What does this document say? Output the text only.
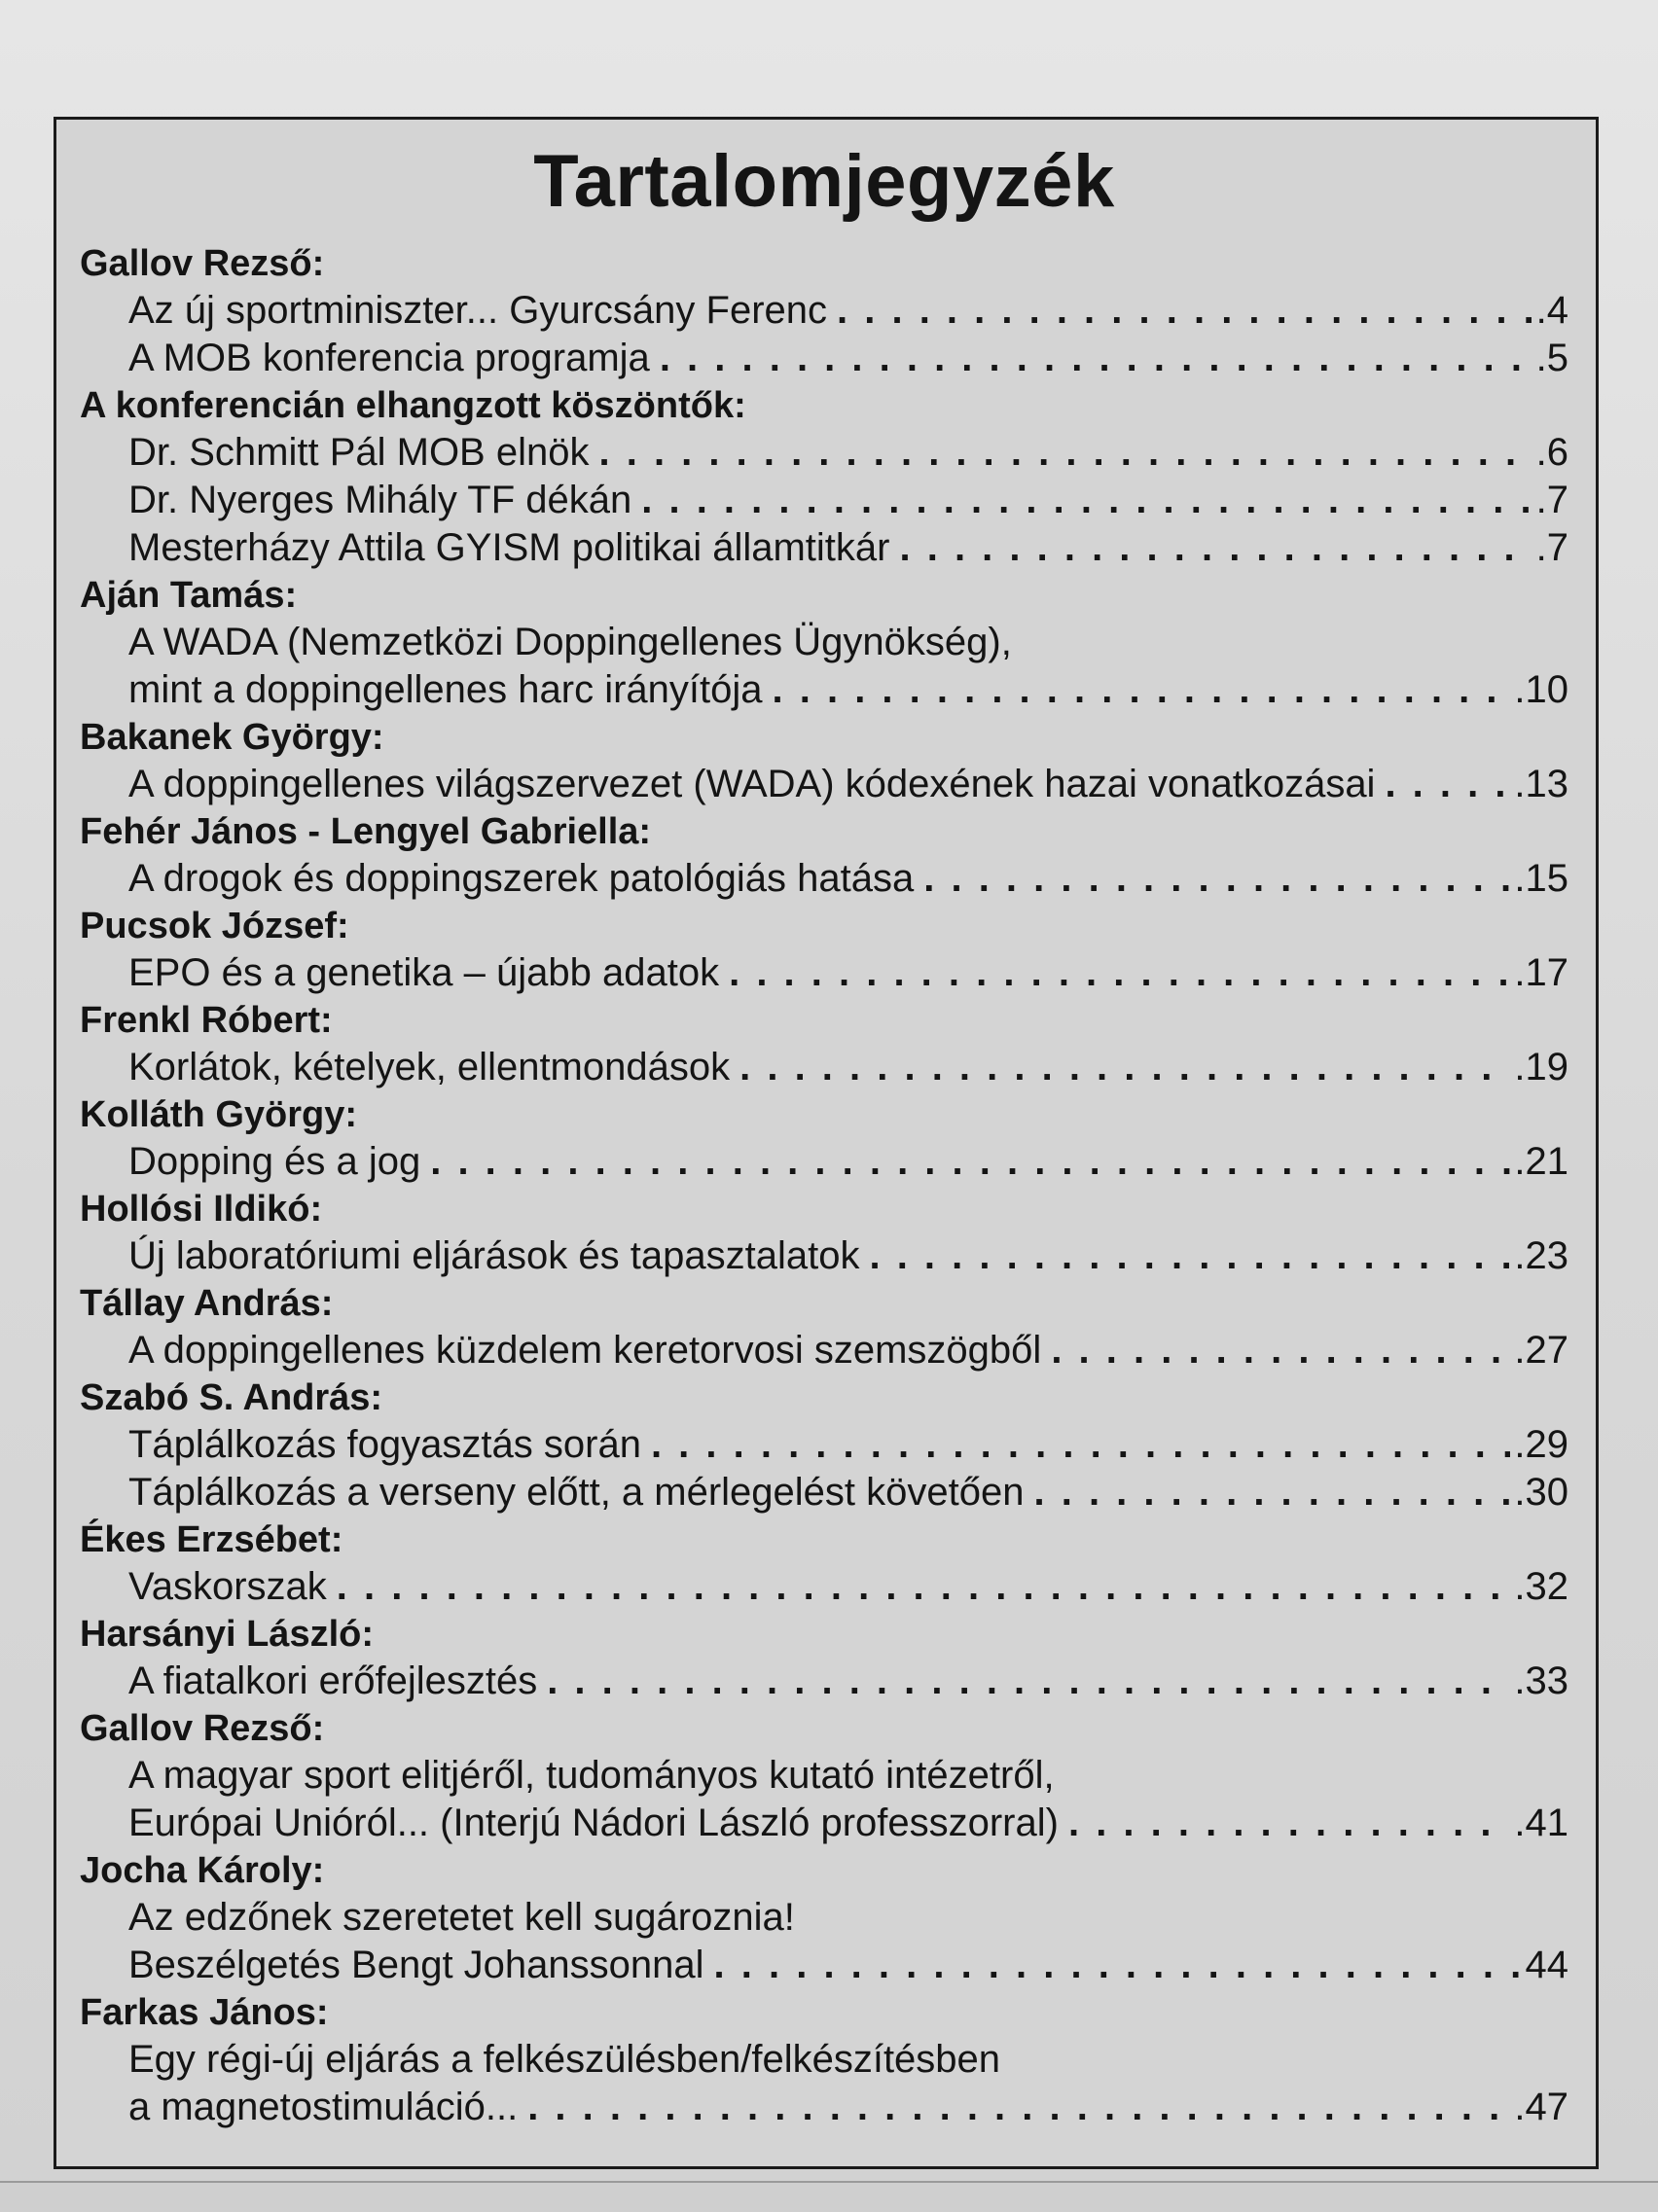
Tartalomjegyzék
Gallov Rezső:
Az új sportminiszter... Gyurcsány Ferenc . . .	.4
A MOB konferencia programja . . .	.5
A konferencián elhangzott köszöntők:
Dr. Schmitt Pál MOB elnök . . .	.6
Dr. Nyerges Mihály TF dékán . . .	.7
Mesterházy Attila GYISM politikai államtitkár . . .	.7
Aján Tamás:
A WADA (Nemzetközi Doppingellenes Ügynökség),
mint a doppingellenes harc irányítója . . .	.10
Bakanek György:
A doppingellenes világszervezet (WADA) kódexének hazai vonatkozásai . . .	.13
Fehér János - Lengyel Gabriella:
A drogok és doppingszerek patológiás hatása . . .	.15
Pucsok József:
EPO és a genetika – újabb adatok . . .	.17
Frenkl Róbert:
Korlátok, kételyek, ellentmondások . . .	.19
Kolláth György:
Dopping és a jog . . .	.21
Hollósi Ildikó:
Új laboratóriumi eljárások és tapasztalatok . . .	.23
Tállay András:
A doppingellenes küzdelem keretorvosi szemszögből . . .	.27
Szabó S. András:
Táplálkozás fogyasztás során . . .	.29
Táplálkozás a verseny előtt, a mérlegelést követően . . .	.30
Ékes Erzsébet:
Vaskorszak . . .	.32
Harsányi László:
A fiatalkori erőfejlesztés . . .	.33
Gallov Rezső:
A magyar sport elitjéről, tudományos kutató intézetről,
Európai Unióról... (Interjú Nádori László professzorral) . . .	.41
Jocha Károly:
Az edzőnek szeretetet kell sugároznia!
Beszélgetés Bengt Johanssonnal . . .	44
Farkas János:
Egy régi-új eljárás a felkészülésben/felkészítésben
a magnetostimuláció... . . .	.47
